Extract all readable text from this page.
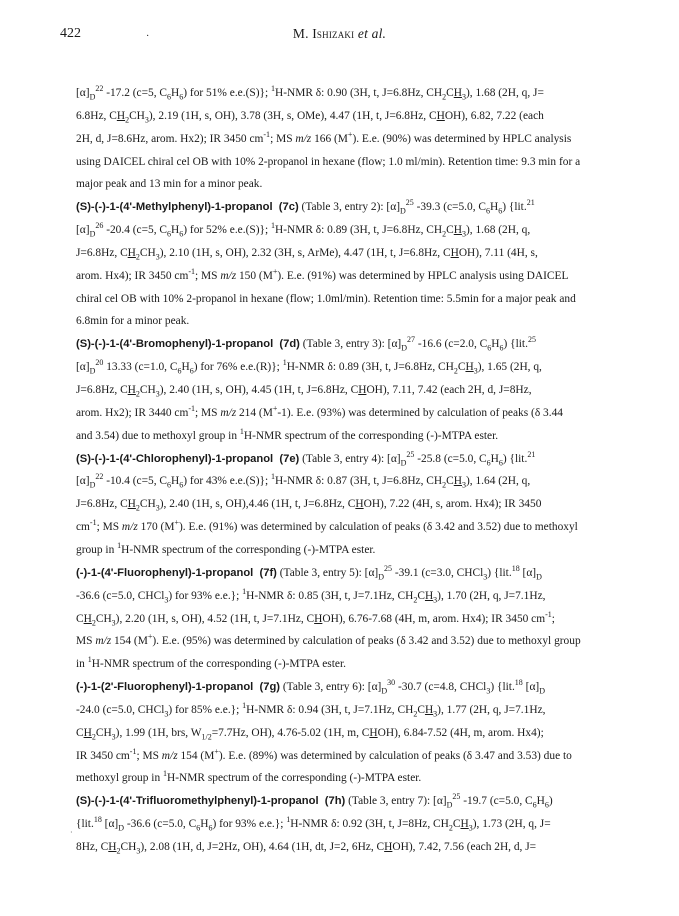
422	·	M. Ishizaki et al.
$[\alpha]_D^{22}$ -17.2 (c=5, $C_6H_6$) for 51% e.e.(S)}; $^1$H-NMR δ: 0.90 (3H, t, J=6.8Hz, $CH_2CH_3$), 1.68 (2H, q, J=
6.8Hz, $CH_2CH_3$), 2.19 (1H, s, OH), 3.78 (3H, s, OMe), 4.47 (1H, t, J=6.8Hz, CHOH), 6.82, 7.22 (each
2H, d, J=8.6Hz, arom. Hx2); IR 3450 $cm^{-1}$; MS m/z 166 (M+). E.e. (90%) was determined by HPLC analysis
using DAICEL chiral cel OB with 10% 2-propanol in hexane (flow; 1.0 ml/min). Retention time: 9.3 min for a
major peak and 13 min for a minor peak.
(S)-(-)-1-(4'-Methylphenyl)-1-propanol  (7c) (Table 3, entry 2): $[\alpha]_D^{25}$ -39.3 (c=5.0, $C_6H_6$) {lit.$^{21}$
$[\alpha]_D^{26}$ -20.4 (c=5, $C_6H_6$) for 52% e.e.(S)}; $^1$H-NMR δ: 0.89 (3H, t, J=6.8Hz, $CH_2CH_3$), 1.68 (2H, q,
J=6.8Hz, $CH_2CH_3$), 2.10 (1H, s, OH), 2.32 (3H, s, ArMe), 4.47 (1H, t, J=6.8Hz, CHOH), 7.11 (4H, s,
arom. Hx4); IR 3450 $cm^{-1}$; MS m/z 150 (M+). E.e. (91%) was determined by HPLC analysis using DAICEL
chiral cel OB with 10% 2-propanol in hexane (flow; 1.0ml/min). Retention time: 5.5min for a major peak and
6.8min for a minor peak.
(S)-(-)-1-(4'-Bromophenyl)-1-propanol  (7d) (Table 3, entry 3): $[\alpha]_D^{27}$ -16.6 (c=2.0, $C_6H_6$) {lit.$^{25}$
$[\alpha]_D^{20}$ 13.33 (c=1.0, $C_6H_6$) for 76% e.e.(R)}; $^1$H-NMR δ: 0.89 (3H, t, J=6.8Hz, $CH_2CH_3$), 1.65 (2H, q,
J=6.8Hz, $CH_2CH_3$), 2.40 (1H, s, OH), 4.45 (1H, t, J=6.8Hz, CHOH), 7.11, 7.42 (each 2H, d, J=8Hz,
arom. Hx2); IR 3440 $cm^{-1}$; MS m/z 214 (M+-1). E.e. (93%) was determined by calculation of peaks (δ 3.44
and 3.54) due to methoxyl group in $^1$H-NMR spectrum of the corresponding (-)-MTPA ester.
(S)-(-)-1-(4'-Chlorophenyl)-1-propanol  (7e) (Table 3, entry 4): $[\alpha]_D^{25}$ -25.8 (c=5.0, $C_6H_6$) {lit.$^{21}$
$[\alpha]_D^{22}$ -10.4 (c=5, $C_6H_6$) for 43% e.e.(S)}; $^1$H-NMR δ: 0.87 (3H, t, J=6.8Hz, $CH_2CH_3$), 1.64 (2H, q,
J=6.8Hz, $CH_2CH_3$), 2.40 (1H, s, OH),4.46 (1H, t, J=6.8Hz, CHOH), 7.22 (4H, s, arom. Hx4); IR 3450
$cm^{-1}$; MS m/z 170 (M+). E.e. (91%) was determined by calculation of peaks (δ 3.42 and 3.52) due to methoxyl
group in $^1$H-NMR spectrum of the corresponding (-)-MTPA ester.
(-)-1-(4'-Fluorophenyl)-1-propanol  (7f) (Table 3, entry 5): $[\alpha]_D^{25}$ -39.1 (c=3.0, CHCl$_3$) {lit.$^{18}$ $[\alpha]_D$
-36.6 (c=5.0, CHCl$_3$) for 93% e.e.}; $^1$H-NMR δ: 0.85 (3H, t, J=7.1Hz, $CH_2CH_3$), 1.70 (2H, q, J=7.1Hz,
$CH_2CH_3$), 2.20 (1H, s, OH), 4.52 (1H, t, J=7.1Hz, CHOH), 6.76-7.68 (4H, m, arom. Hx4); IR 3450 $cm^{-1}$;
MS m/z 154 (M+). E.e. (95%) was determined by calculation of peaks (δ 3.42 and 3.52) due to methoxyl group
in $^1$H-NMR spectrum of the corresponding (-)-MTPA ester.
(-)-1-(2'-Fluorophenyl)-1-propanol  (7g) (Table 3, entry 6): $[\alpha]_D^{30}$ -30.7 (c=4.8, CHCl$_3$) {lit.$^{18}$ $[\alpha]_D$
-24.0 (c=5.0, CHCl$_3$) for 85% e.e.}; $^1$H-NMR δ: 0.94 (3H, t, J=7.1Hz, $CH_2CH_3$), 1.77 (2H, q, J=7.1Hz,
$CH_2CH_3$), 1.99 (1H, brs, $W_{1/2}=7.7Hz$, OH), 4.76-5.02 (1H, m, CHOH), 6.84-7.52 (4H, m, arom. Hx4);
IR 3450 $cm^{-1}$; MS m/z 154 (M+). E.e. (89%) was determined by calculation of peaks (δ 3.47 and 3.53) due to
methoxyl group in $^1$H-NMR spectrum of the corresponding (-)-MTPA ester.
(S)-(-)-1-(4'-Trifluoromethylphenyl)-1-propanol  (7h) (Table 3, entry 7): $[\alpha]_D^{25}$ -19.7 (c=5.0, $C_6H_6$)
{lit.$^{18}$ $[\alpha]_D$ -36.6 (c=5.0, $C_6H_6$) for 93% e.e.}; $^1$H-NMR δ: 0.92 (3H, t, J=8Hz, $CH_2CH_3$), 1.73 (2H, q, J=
8Hz, $CH_2CH_3$), 2.08 (1H, d, J=2Hz, OH), 4.64 (1H, dt, J=2, 6Hz, CHOH), 7.42, 7.56 (each 2H, d, J=
·
